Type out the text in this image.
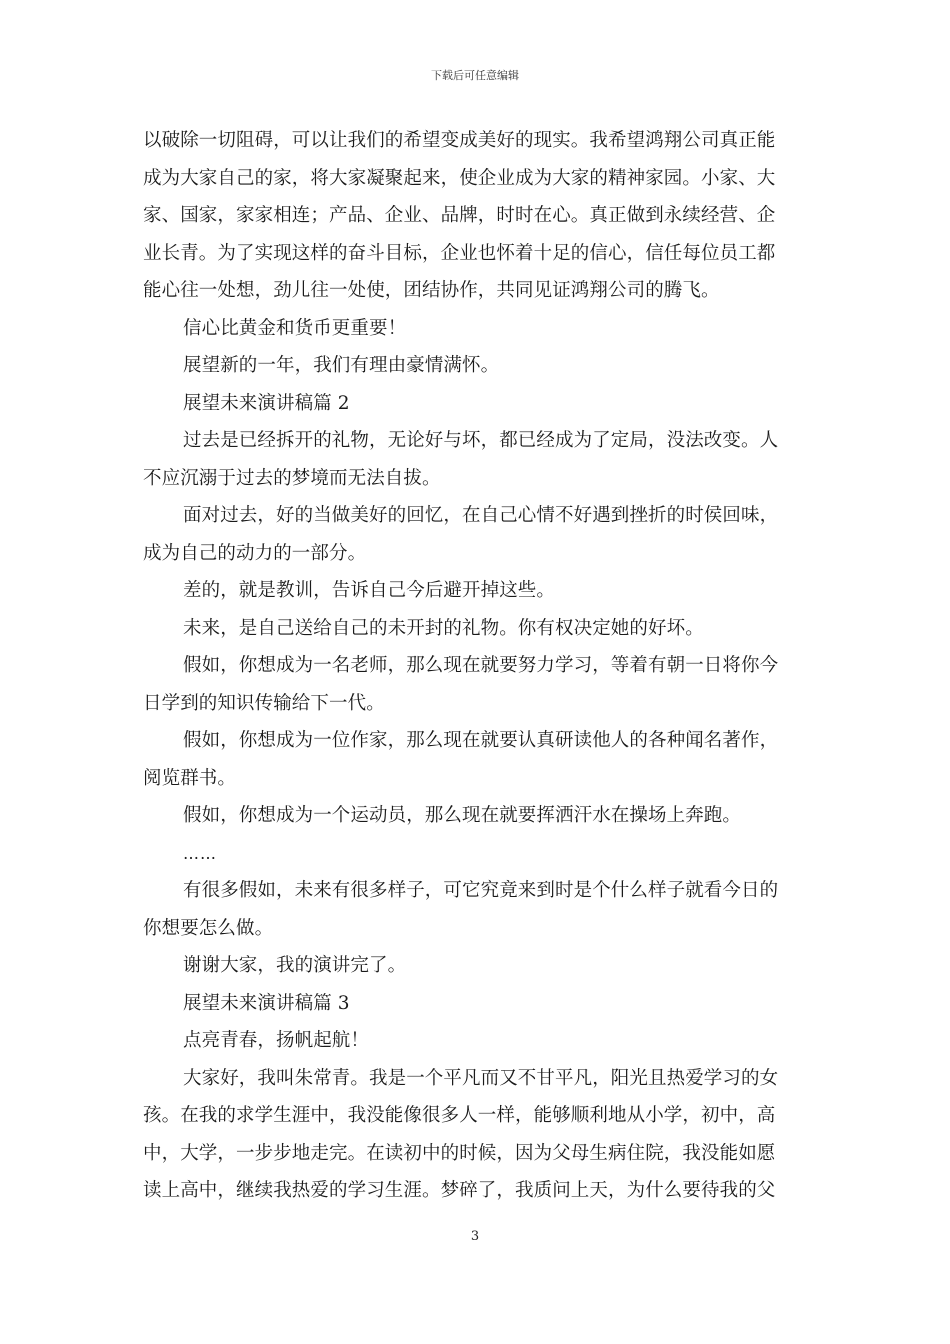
下载后可任意编辑
以破除一切阻碍，可以让我们的希望变成美好的现实。我希望鸿翔公司真正能
成为大家自己的家，将大家凝聚起来，使企业成为大家的精神家园。小家、大
家、国家，家家相连；产品、企业、品牌，时时在心。真正做到永续经营、企
业长青。为了实现这样的奋斗目标，企业也怀着十足的信心，信任每位员工都
能心往一处想，劲儿往一处使，团结协作，共同见证鸿翔公司的腾飞。
信心比黄金和货币更重要！
展望新的一年，我们有理由豪情满怀。
展望未来演讲稿篇 2
过去是已经拆开的礼物，无论好与坏，都已经成为了定局，没法改变。人
不应沉溺于过去的梦境而无法自拔。
面对过去，好的当做美好的回忆，在自己心情不好遇到挫折的时侯回味，
成为自己的动力的一部分。
差的，就是教训，告诉自己今后避开掉这些。
未来，是自己送给自己的未开封的礼物。你有权决定她的好坏。
假如，你想成为一名老师，那么现在就要努力学习，等着有朝一日将你今
日学到的知识传输给下一代。
假如，你想成为一位作家，那么现在就要认真研读他人的各种闻名著作，
阅览群书。
假如，你想成为一个运动员，那么现在就要挥洒汗水在操场上奔跑。
……
有很多假如，未来有很多样子，可它究竟来到时是个什么样子就看今日的
你想要怎么做。
谢谢大家，我的演讲完了。
展望未来演讲稿篇 3
点亮青春，扬帆起航！
大家好，我叫朱常青。我是一个平凡而又不甘平凡，阳光且热爱学习的女
孩。在我的求学生涯中，我没能像很多人一样，能够顺利地从小学，初中，高
中，大学，一步步地走完。在读初中的时候，因为父母生病住院，我没能如愿
读上高中，继续我热爱的学习生涯。梦碎了，我质问上天，为什么要待我的父
3
